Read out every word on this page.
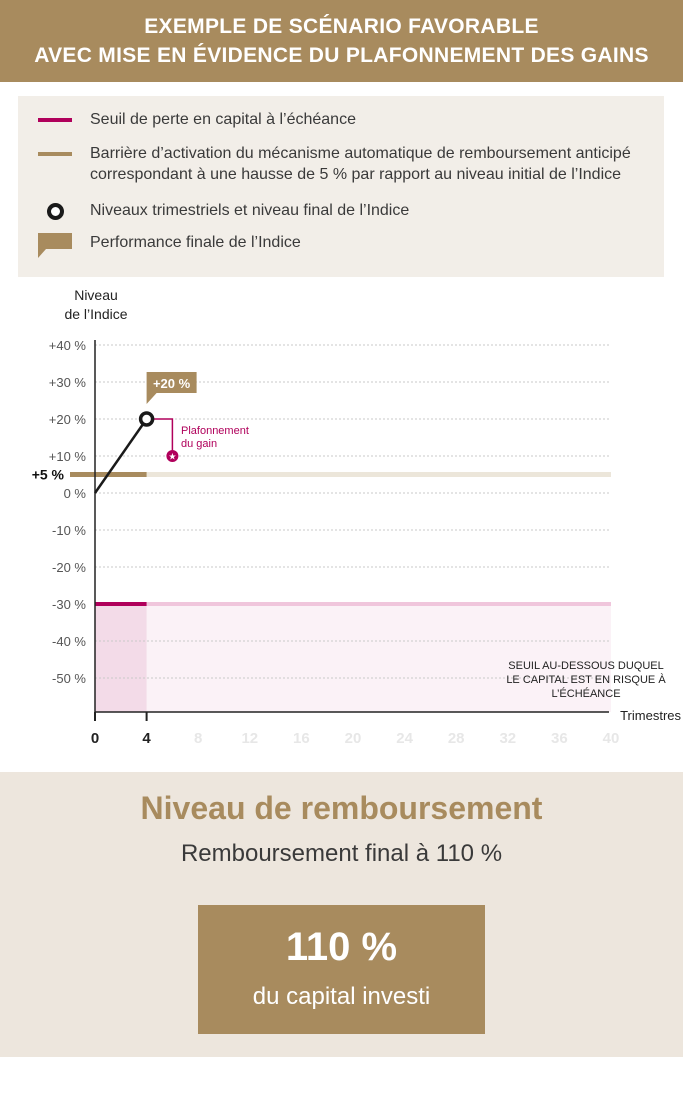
EXEMPLE DE SCÉNARIO FAVORABLE
AVEC MISE EN ÉVIDENCE DU PLAFONNEMENT DES GAINS
Seuil de perte en capital à l’échéance
Barrière d’activation du mécanisme automatique de remboursement anticipé
correspondant à une hausse de 5 % par rapport au niveau initial de l’Indice
Niveaux trimestriels et niveau final de l’Indice
Performance finale de l’Indice
+40 %
+30 %
+20 %
+10 %
0 %
-10 %
-20 %
-30 %
-40 %
-50 %
Niveau de l’Indice
+5 %
0	4	8	12 16 20 24 28 32 36 40
Trimestres
SEUIL AU-DESSOUS DUQUEL LE CAPITAL EST EN RISQUE À L’ÉCHÉANCE
★
Plafonnement du gain
+20 %
Niveau de remboursement
Remboursement final à 110 %
110 %
du capital investi
